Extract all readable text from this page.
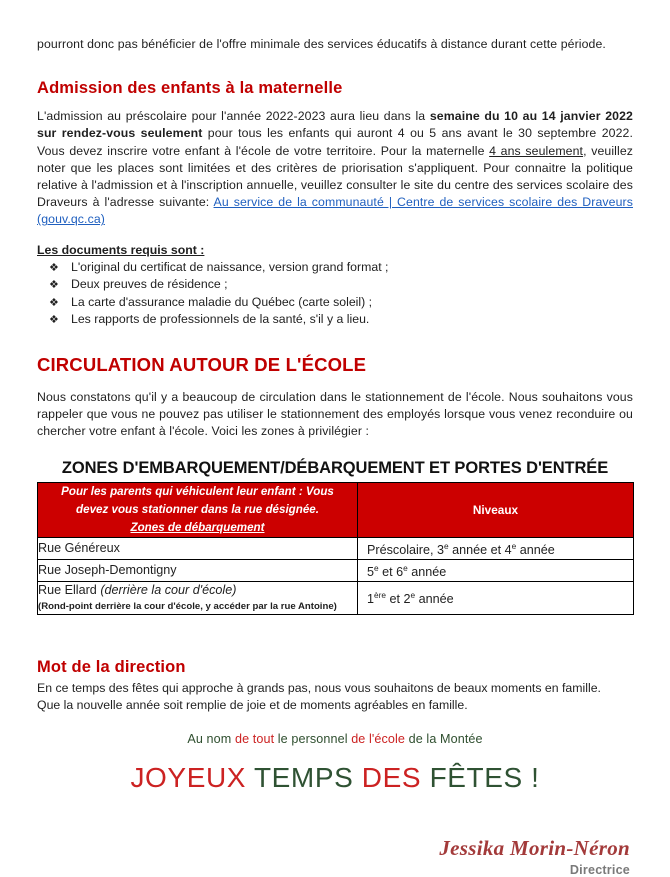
pourront donc pas bénéficier de l'offre minimale des services éducatifs à distance durant cette période.

Admission des enfants à la maternelle

L'admission au préscolaire pour l'année 2022-2023 aura lieu dans la semaine du 10 au 14 janvier 2022 sur rendez-vous seulement pour tous les enfants qui auront 4 ou 5 ans avant le 30 septembre 2022. Vous devez inscrire votre enfant à l'école de votre territoire. Pour la maternelle 4 ans seulement, veuillez noter que les places sont limitées et des critères de priorisation s'appliquent. Pour connaitre la politique relative à l'admission et à l'inscription annuelle, veuillez consulter le site du centre des services scolaire des Draveurs à l'adresse suivante: Au service de la communauté | Centre de services scolaire des Draveurs (gouv.qc.ca)

Les documents requis sont :

❖ L'original du certificat de naissance, version grand format ;
❖ Deux preuves de résidence ;
❖ La carte d'assurance maladie du Québec (carte soleil) ;
❖ Les rapports de professionnels de la santé, s'il y a lieu.
CIRCULATION AUTOUR DE L'ÉCOLE

Nous constatons qu'il y a beaucoup de circulation dans le stationnement de l'école. Nous souhaitons vous rappeler que vous ne pouvez pas utiliser le stationnement des employés lorsque vous venez reconduire ou chercher votre enfant à l'école. Voici les zones à privilégier :

ZONES D'EMBARQUEMENT/DÉBARQUEMENT ET PORTES D'ENTRÉE

Pour les parents qui véhiculent leur enfant : Vous
devez vous stationner dans la rue désignée.
Zones de débarquement	Niveaux
Rue Généreux	Préscolaire, 3e année et 4e année
Rue Joseph-Demontigny	5e et 6e année
Rue Ellard (derrière la cour d'école)
(Rond-point derrière la cour d'école, y accéder par la rue Antoine)	1ère et 2e année
Mot de la direction

En ce temps des fêtes qui approche à grands pas, nous vous souhaitons de beaux moments en famille.

Que la nouvelle année soit remplie de joie et de moments agréables en famille.

Au nom de tout le personnel de l'école de la Montée
JOYEUX TEMPS DES FÊTES !
Jessika Morin-Néron
Directrice
